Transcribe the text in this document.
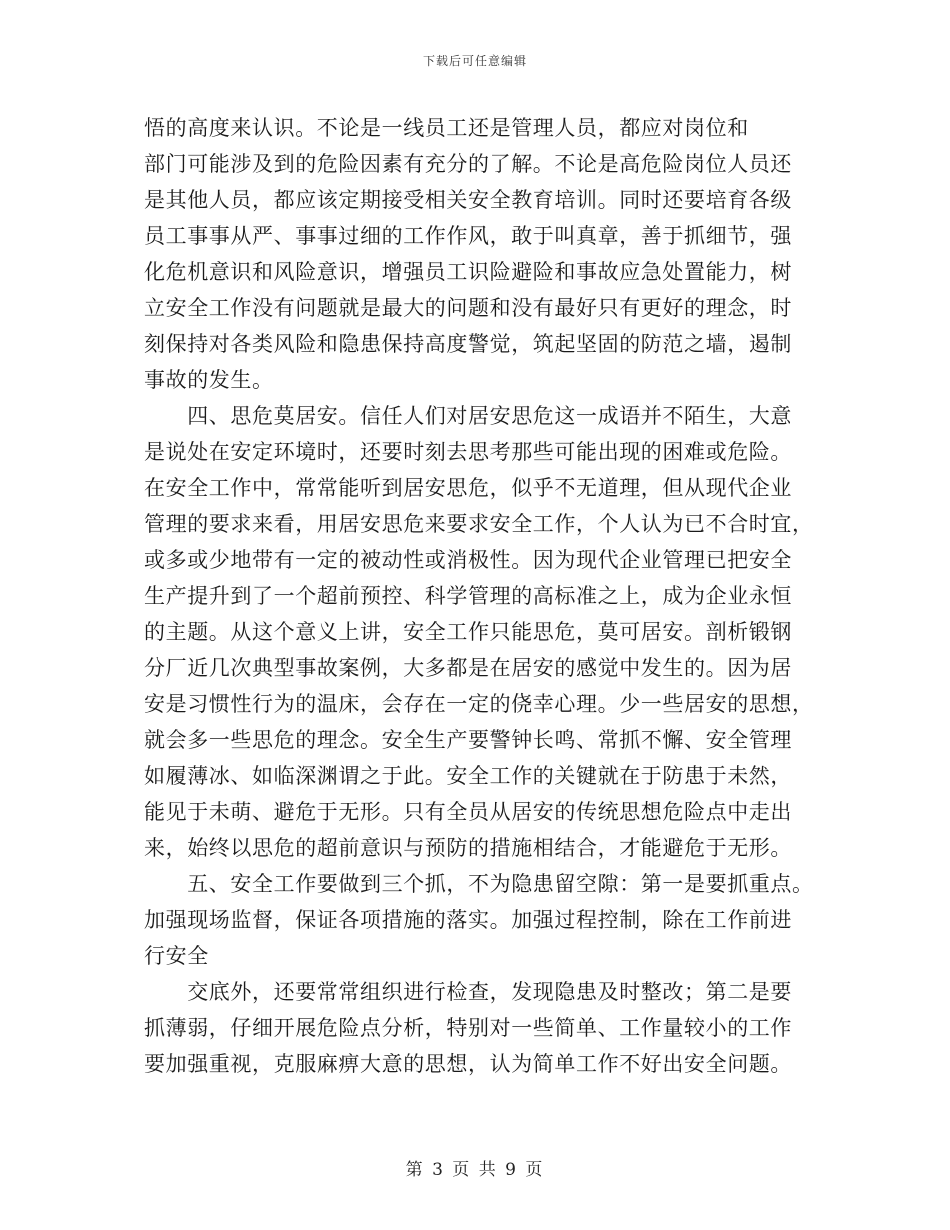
下载后可任意编辑
悟的高度来认识。不论是一线员工还是管理人员，都应对岗位和
部门可能涉及到的危险因素有充分的了解。不论是高危险岗位人员还
是其他人员，都应该定期接受相关安全教育培训。同时还要培育各级
员工事事从严、事事过细的工作作风，敢于叫真章，善于抓细节，强
化危机意识和风险意识，增强员工识险避险和事故应急处置能力，树
立安全工作没有问题就是最大的问题和没有最好只有更好的理念，时
刻保持对各类风险和隐患保持高度警觉，筑起坚固的防范之墙，遏制
事故的发生。
　　四、思危莫居安。信任人们对居安思危这一成语并不陌生，大意
是说处在安定环境时，还要时刻去思考那些可能出现的困难或危险。
在安全工作中，常常能听到居安思危，似乎不无道理，但从现代企业
管理的要求来看，用居安思危来要求安全工作，个人认为已不合时宜，
或多或少地带有一定的被动性或消极性。因为现代企业管理已把安全
生产提升到了一个超前预控、科学管理的高标准之上，成为企业永恒
的主题。从这个意义上讲，安全工作只能思危，莫可居安。剖析锻钢
分厂近几次典型事故案例，大多都是在居安的感觉中发生的。因为居
安是习惯性行为的温床，会存在一定的侥幸心理。少一些居安的思想，
就会多一些思危的理念。安全生产要警钟长鸣、常抓不懈、安全管理
如履薄冰、如临深渊谓之于此。安全工作的关键就在于防患于未然，
能见于未萌、避危于无形。只有全员从居安的传统思想危险点中走出
来，始终以思危的超前意识与预防的措施相结合，才能避危于无形。
　　五、安全工作要做到三个抓，不为隐患留空隙：第一是要抓重点。
加强现场监督，保证各项措施的落实。加强过程控制，除在工作前进
行安全
　　交底外，还要常常组织进行检查，发现隐患及时整改；第二是要
抓薄弱，仔细开展危险点分析，特别对一些简单、工作量较小的工作
要加强重视，克服麻痹大意的思想，认为简单工作不好出安全问题。
第 3 页 共 9 页
